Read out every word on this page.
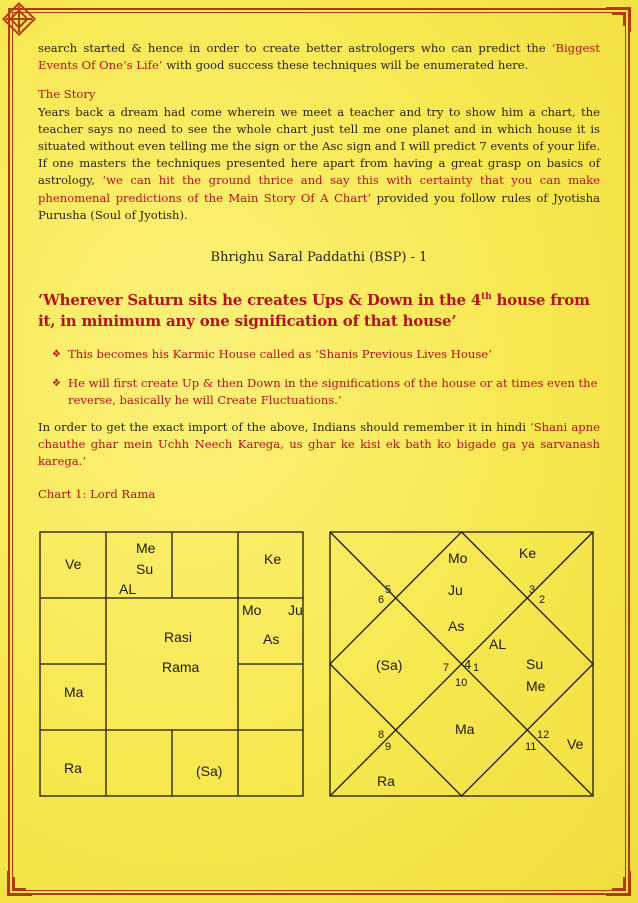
search started & hence in order to create better astrologers who can predict the ‘Biggest Events Of One’s Life’ with good success these techniques will be enumerated here.

The Story

Years back a dream had come wherein we meet a teacher and try to show him a chart, the teacher says no need to see the whole chart just tell me one planet and in which house it is situated without even telling me the sign or the Asc sign and I will predict 7 events of your life. If one masters the techniques presented here apart from having a great grasp on basics of astrology, ‘we can hit the ground thrice and say this with certainty that you can make phenomenal predictions of the Main Story Of A Chart’ provided you follow rules of Jyotisha Purusha (Soul of Jyotish).

Bhrighu Saral Paddathi (BSP) - 1
‘Wherever Saturn sits he creates Ups & Down in the 4th house from it, in minimum any one signification of that house’
❖ This becomes his Karmic House called as ‘Shanis Previous Lives House’
❖ He will first create Up & then Down in the significations of the house or at times even the reverse, basically he will Create Fluctuations.’

In order to get the exact import of the above, Indians should remember it in hindi ‘Shani apne chauthe ghar mein Uchh Neech Karega, us ghar ke kisi ek bath ko bigade ga ya sarvanash karega.’

Chart 1: Lord Rama
Ve
Me
Su
AL
Ke
Mo Ju
As
Rasi
Rama
Ma
Ra	(Sa)
Mo	Ke
Ju
As
AL
(Sa)	Su
Me
Ma
Ve
Ra
4
7 1
10
5
6
3
2
8
9
12
11
